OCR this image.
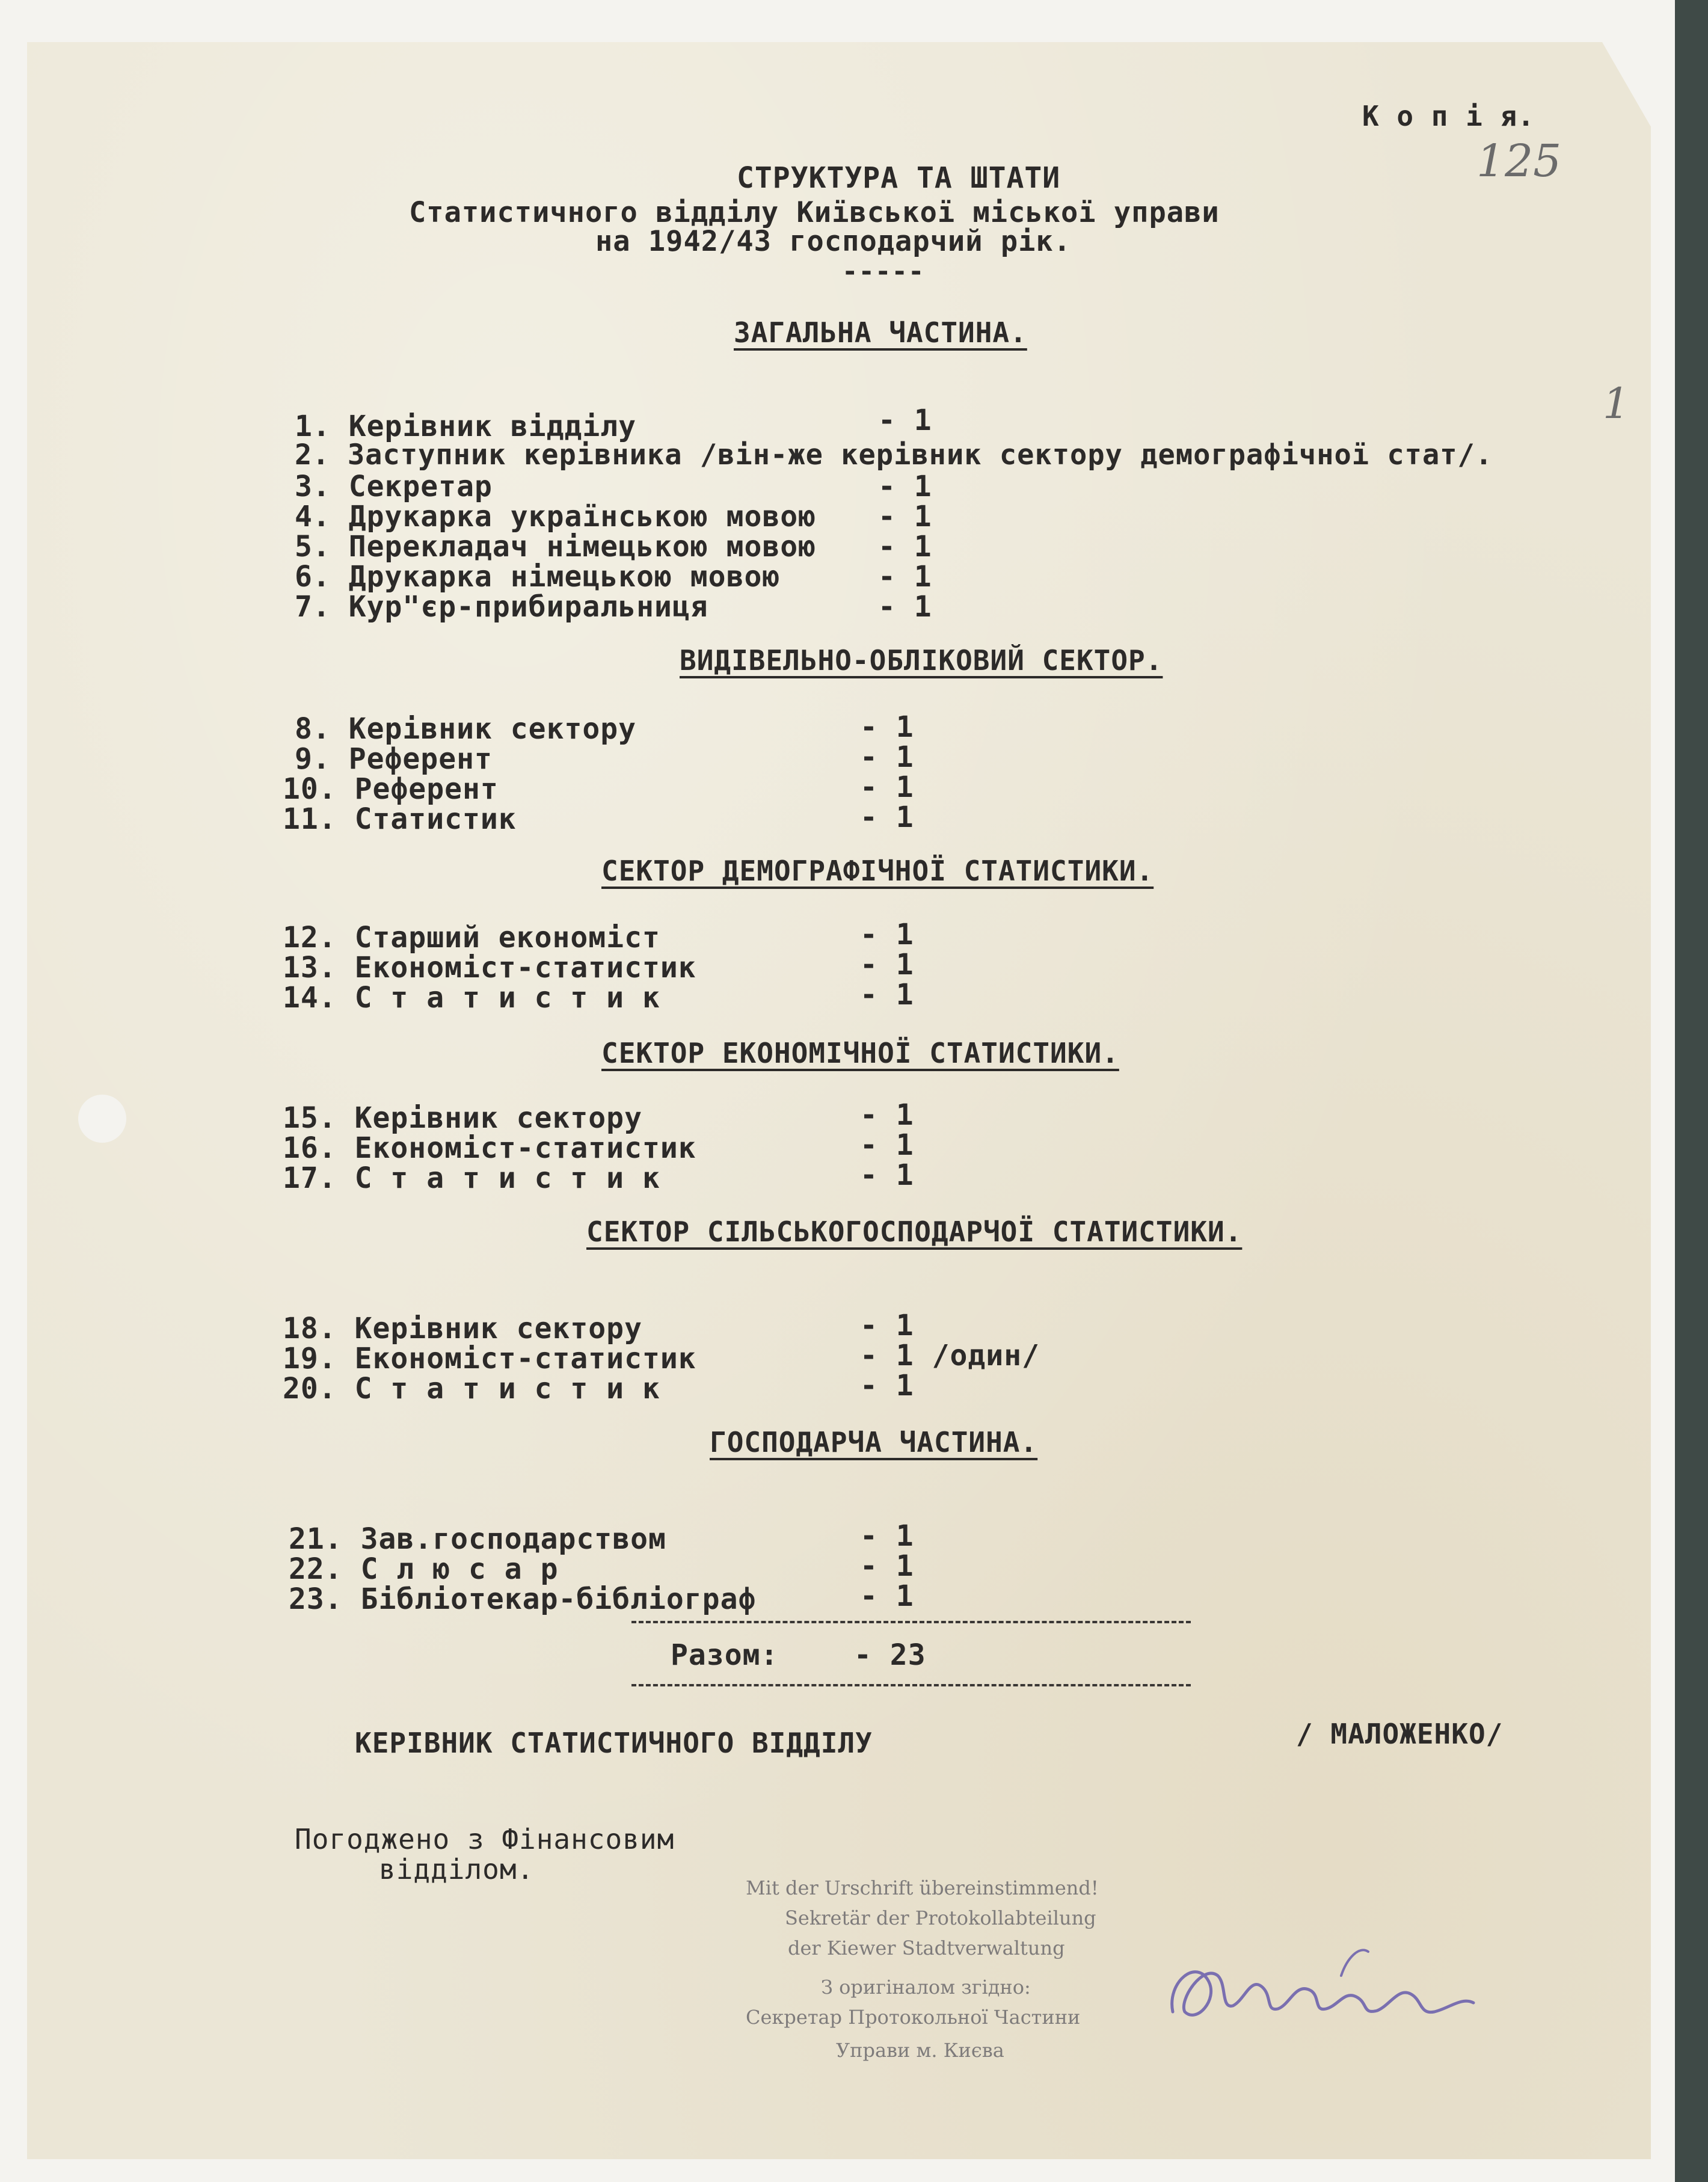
К о п і я.
125
1
СТРУКТУРА ТА ШТАТИ
Статистичного відділу Київської міської управи
на 1942/43 господарчий рік.
-----
ЗАГАЛЬНА ЧАСТИНА.
1. Керівник відділу	- 1
2. Заступник керівника /він-же керівник сектору демографічної стат/.
3. Секретар	- 1
4. Друкарка українською мовою - 1
5. Перекладач німецькою мовою - 1
6. Друкарка німецькою мовою	- 1
7. Кур"єр-прибиральниця	- 1
ВИДІВЕЛЬНО-ОБЛІКОВИЙ СЕКТОР.
8. Керівник сектору	- 1
9. Референт	- 1
10. Референт	- 1
11. Статистик	- 1
СЕКТОР ДЕМОГРАФІЧНОЇ СТАТИСТИКИ.
12. Старший економіст	- 1
13. Економіст-статистик	- 1
14. С т а т и с т и к	- 1
СЕКТОР ЕКОНОМІЧНОЇ СТАТИСТИКИ.
15. Керівник сектору	- 1
16. Економіст-статистик	- 1
17. С т а т и с т и к	- 1
СЕКТОР СІЛЬСЬКОГОСПОДАРЧОЇ СТАТИСТИКИ.
18. Керівник сектору	- 1
19. Економіст-статистик	- 1 /один/
20. С т а т и с т и к	- 1
ГОСПОДАРЧА ЧАСТИНА.
21. Зав.господарством	- 1
22. С л ю с а р	- 1
23. Бібліотекар-бібліограф	- 1
Разом:	- 23
КЕРІВНИК СТАТИСТИЧНОГО ВІДДІЛУ	/ МАЛОЖЕНКО/
Погоджено з Фінансовим
відділом.
Mit der Urschrift übereinstimmend!
Sekretär der Protokollabteilung
der Kiewer Stadtverwaltung
З оригіналом згідно:
Секретар Протокольної Частини
Управи м. Києва
